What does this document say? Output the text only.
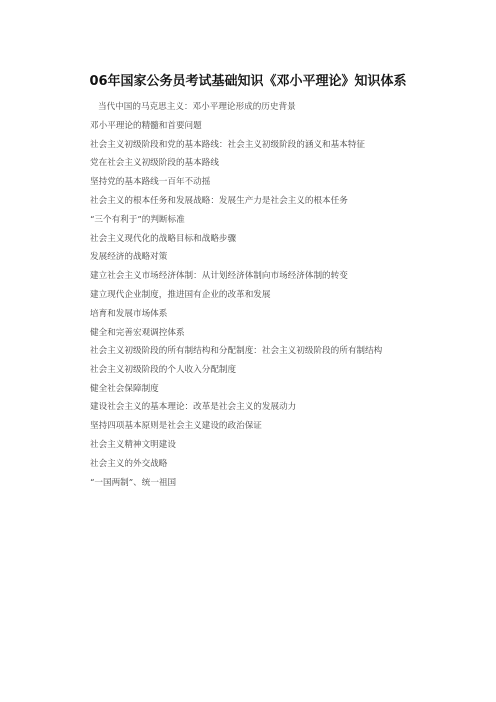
06年国家公务员考试基础知识《邓小平理论》知识体系
当代中国的马克思主义：邓小平理论形成的历史背景
邓小平理论的精髓和首要问题
社会主义初级阶段和党的基本路线：社会主义初级阶段的涵义和基本特征
党在社会主义初级阶段的基本路线
坚持党的基本路线一百年不动摇
社会主义的根本任务和发展战略：发展生产力是社会主义的根本任务
“三个有利于”的判断标准
社会主义现代化的战略目标和战略步骤
发展经济的战略对策
建立社会主义市场经济体制：从计划经济体制向市场经济体制的转变
建立现代企业制度，推进国有企业的改革和发展
培育和发展市场体系
健全和完善宏观调控体系
社会主义初级阶段的所有制结构和分配制度：社会主义初级阶段的所有制结构
社会主义初级阶段的个人收入分配制度
健全社会保障制度
建设社会主义的基本理论：改革是社会主义的发展动力
坚持四项基本原则是社会主义建设的政治保证
社会主义精神文明建设
社会主义的外交战略
“一国两制”、统一祖国
